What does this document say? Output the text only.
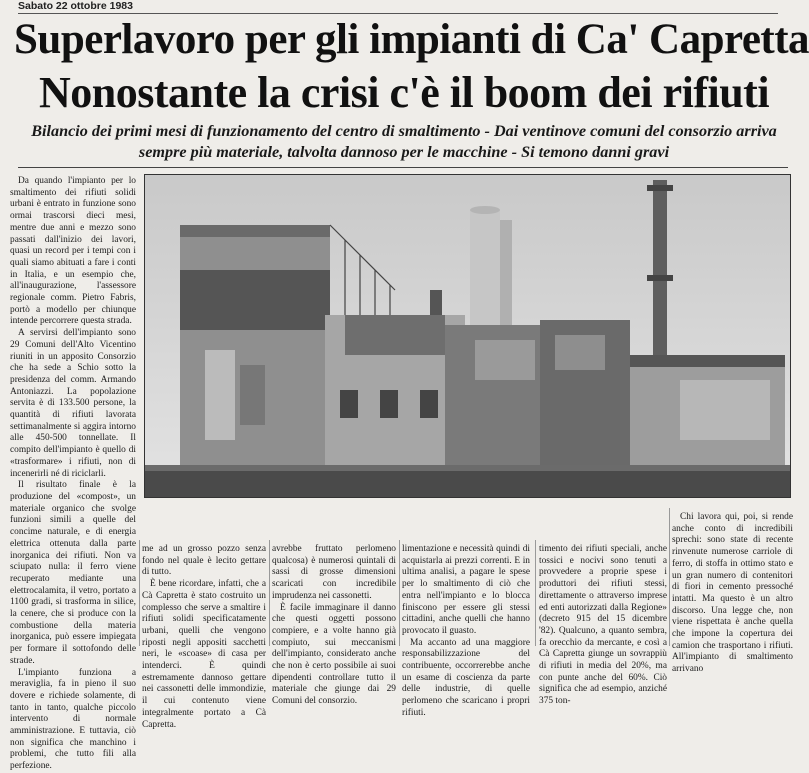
Sabato 22 ottobre 1983
Superlavoro per gli impianti di Ca' Capretta
Nonostante la crisi c'è il boom dei rifiuti
Bilancio dei primi mesi di funzionamento del centro di smaltimento - Dai ventinove comuni del consorzio arriva sempre più materiale, talvolta dannoso per le macchine - Si temono danni gravi

Da quando l'impianto per lo smaltimento dei rifiuti solidi urbani è entrato in funzione sono ormai trascorsi dieci mesi, mentre due anni e mezzo sono passati dall'inizio dei lavori, quasi un record per i tempi con i quali siamo abituati a fare i conti in Italia, e un esempio che, all'inaugurazione, l'assessore regionale comm. Pietro Fabris, portò a modello per chiunque intende percorrere questa strada.

A servirsi dell'impianto sono 29 Comuni dell'Alto Vicentino riuniti in un apposito Consorzio che ha sede a Schio sotto la presidenza del comm. Armando Antoniazzi. La popolazione servita è di 133.500 persone, la quantità di rifiuti lavorata settimanalmente si aggira intorno alle 450-500 tonnellate. Il compito dell'impianto è quello di «trasformare» i rifiuti, non di incenerirli né di riciclarli.

Il risultato finale è la produzione del «compost», un materiale organico che svolge funzioni simili a quelle del concime naturale, e di energia elettrica ottenuta dalla parte inorganica dei rifiuti. Non va sciupato nulla: il ferro viene recuperato mediante una elettrocalamita, il vetro, portato a 1100 gradi, si trasforma in silice, la cenere, che si produce con la combustione della materia inorganica, può essere impiegata per formare il sottofondo delle strade.

L'impianto funziona a meraviglia, fa in pieno il suo dovere e richiede solamente, di tanto in tanto, qualche piccolo intervento di normale amministrazione. E tuttavia, ciò non significa che manchino i problemi, che tutto fili alla perfezione.

me ad un grosso pozzo senza fondo nel quale è lecito gettare di tutto.

È bene ricordare, infatti, che a Cà Capretta è stato costruito un complesso che serve a smaltire i rifiuti solidi specificatamente urbani, quelli che vengono riposti negli appositi sacchetti neri, le «scoase» di casa per intenderci. È quindi estremamente dannoso gettare nei cassonetti delle immondizie, il cui contenuto viene integralmente portato a Cà Capretta.

avrebbe fruttato perlomeno qualcosa) è numerosi quintali di sassi di grosse dimensioni scaricati con incredibile imprudenza nei cassonetti.

È facile immaginare il danno che questi oggetti possono compiere, e a volte hanno già compiuto, sui meccanismi dell'impianto, considerato anche che non è certo possibile ai suoi dipendenti controllare tutto il materiale che giunge dai 29 Comuni del consorzio.

limentazione e necessità quindi di acquistarla ai prezzi correnti. E in ultima analisi, a pagare le spese per lo smaltimento di ciò che entra nell'impianto e lo blocca finiscono per essere gli stessi cittadini, anche quelli che hanno provocato il guasto.

Ma accanto ad una maggiore responsabilizzazione del contribuente, occorrerebbe anche un esame di coscienza da parte delle industrie, di quelle perlomeno che scaricano i propri rifiuti.

timento dei rifiuti speciali, anche tossici e nocivi sono tenuti a provvedere a proprie spese i produttori dei rifiuti stessi, direttamente o attraverso imprese ed enti autorizzati dalla Regione» (decreto 915 del 15 dicembre '82). Qualcuno, a quanto sembra, fa orecchio da mercante, e così a Cà Capretta giunge un sovrappiù di rifiuti in media del 20%, ma con punte anche del 60%. Ciò significa che ad esempio, anziché 375 ton-

Chi lavora qui, poi, si rende anche conto di incredibili sprechi: sono state di recente rinvenute numerose carriole di ferro, di stoffa in ottimo stato e un gran numero di contenitori di fiori in cemento pressoché intatti. Ma questo è un altro discorso. Una legge che, non viene rispettata è anche quella che impone la copertura dei camion che trasportano i rifiuti. All'impianto di smaltimento arrivano
